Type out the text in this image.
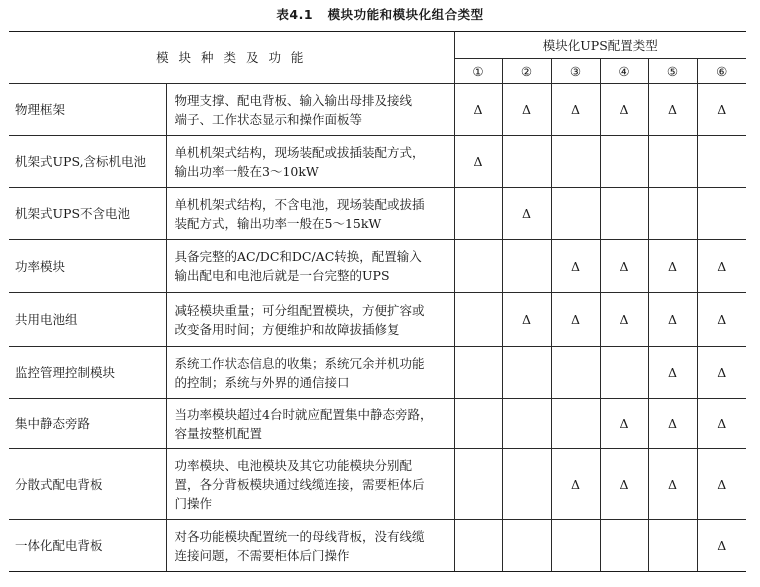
表4.1 模块功能和模块化组合类型
模 块 种 类 及 功 能		模块化UPS配置类型					
		①	②	③	④	⑤	⑥
物理框架	物理支撑、配电背板、输入输出母排及接线
端子、工作状态显示和操作面板等	Δ	Δ	Δ	Δ	Δ	Δ
机架式UPS,含标机电池	单机机架式结构，现场装配或拔插装配方式，
输出功率一般在3～10kW	Δ					
机架式UPS不含电池	单机机架式结构，不含电池，现场装配或拔插
装配方式，输出功率一般在5～15kW		Δ				
功率模块	具备完整的AC/DC和DC/AC转换，配置输入
输出配电和电池后就是一台完整的UPS			Δ	Δ	Δ	Δ
共用电池组	减轻模块重量；可分组配置模块，方便扩容或
改变备用时间；方便维护和故障拔插修复		Δ	Δ	Δ	Δ	Δ
监控管理控制模块	系统工作状态信息的收集；系统冗余并机功能
的控制；系统与外界的通信接口					Δ	Δ
集中静态旁路	当功率模块超过4台时就应配置集中静态旁路，
容量按整机配置				Δ	Δ	Δ
分散式配电背板	功率模块、电池模块及其它功能模块分别配
置，各分背板模块通过线缆连接，需要柜体后
门操作			Δ	Δ	Δ	Δ
一体化配电背板	对各功能模块配置统一的母线背板，没有线缆
连接问题，不需要柜体后门操作						Δ
